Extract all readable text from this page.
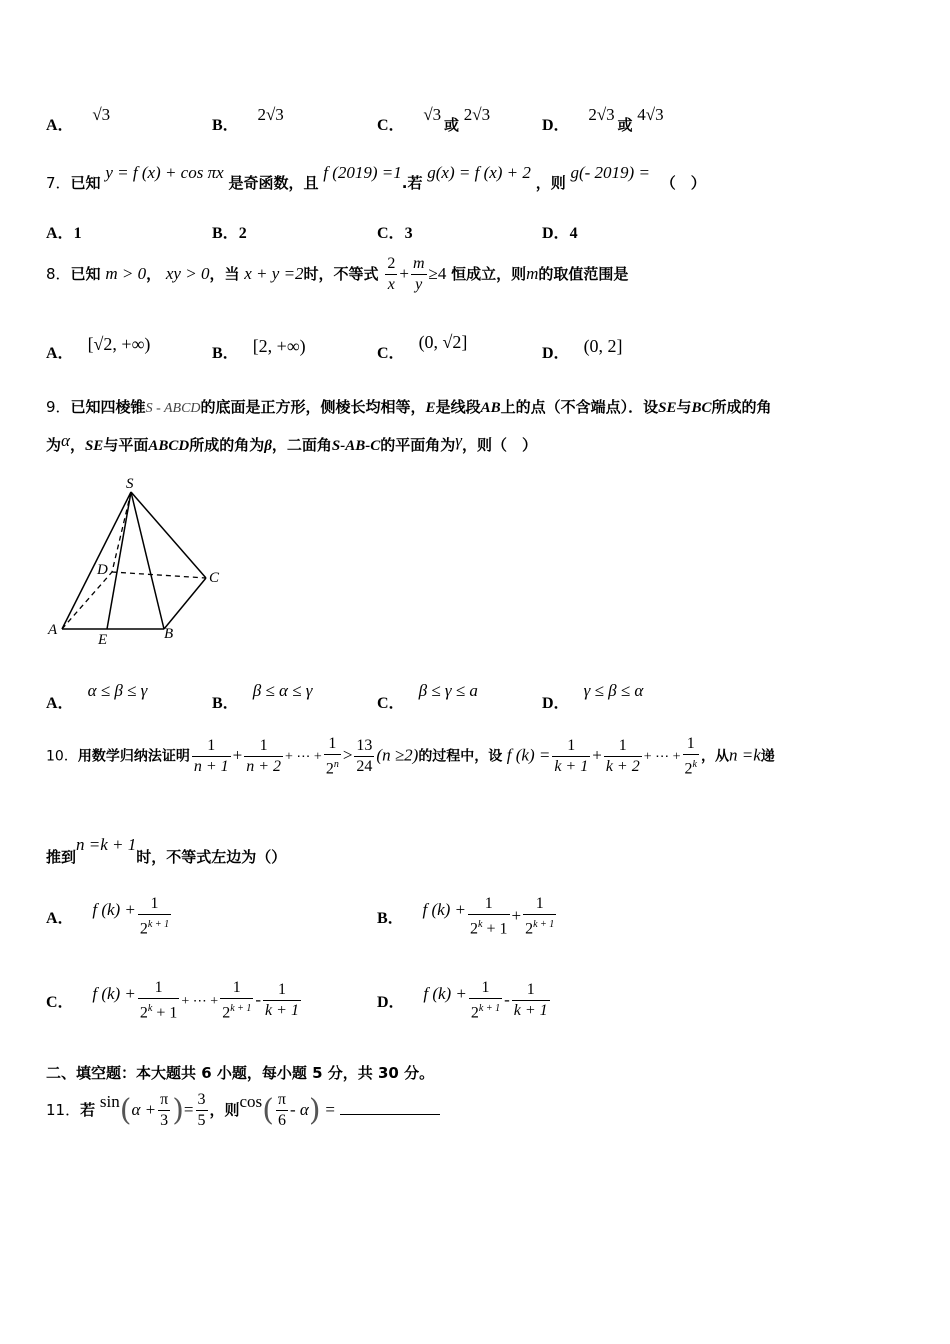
A． √3
B． 2√3
C． √3 或 2√3
D． 2√3 或 4√3
7．已知 y = f (x) + cos πx 是奇函数，且 f (2019) =1.若 g(x) = f (x) + 2 ，则 g(- 2019) = （　）
A．1	B．2	C．3	D．4
8．已知 m > 0， xy > 0，当 x + y =2时，不等式 $\frac{2}{x} + \frac{m}{y} \ge 4$ 恒成立，则m的取值范围是
A． [√2, +∞)	B． [2, +∞)	C．(0, √2]
D． (0, 2]
9．已知四棱锥S - ABCD的底面是正方形，侧棱长均相等，E是线段AB上的点（不含端点）．设SE与BC所成的角
为α，SE与平面ABCD所成的角为β，二面角S-AB-C的平面角为γ，则（　）
S
D	C
A
E	B
A．α ≤ β ≤ γ
B．β ≤ α ≤ γ
C．β ≤ γ ≤ a
D．γ ≤ β ≤ α
10．用数学归纳法证明 $\frac{1}{n + 1} + \frac{1}{n + 2}$ + ⋯ + $\frac{1}{2^n} > \frac{13}{24} (n \ge 2)$的过程中，设 f $(k) = \frac{1}{k + 1} + \frac{1}{k + 2}$ + ⋯ + $\frac{1}{2^k}$ ，从n =k递
推到n =k + 1时，不等式左边为（）
A． f $(k) + \frac{1}{2^{k + 1}}$	B． f $(k) + \frac{1}{2^k + 1} + \frac{1}{2^{k + 1}}$
C． f $(k) + \frac{1}{2^k + 1}$ + ⋯ + $\frac{1}{2^{k + 1}} - \frac{1}{k + 1}$	D． f $(k) + \frac{1}{2^{k + 1}} - \frac{1}{k + 1}$
二、填空题：本大题共 6 小题，每小题 5 分，共 30 分。
11．若 $\sin(\alpha + \frac{\pi}{3}$ )= $\frac{3}{5}$ ，则$\cos( \frac{\pi}{6} - \alpha)$ =
